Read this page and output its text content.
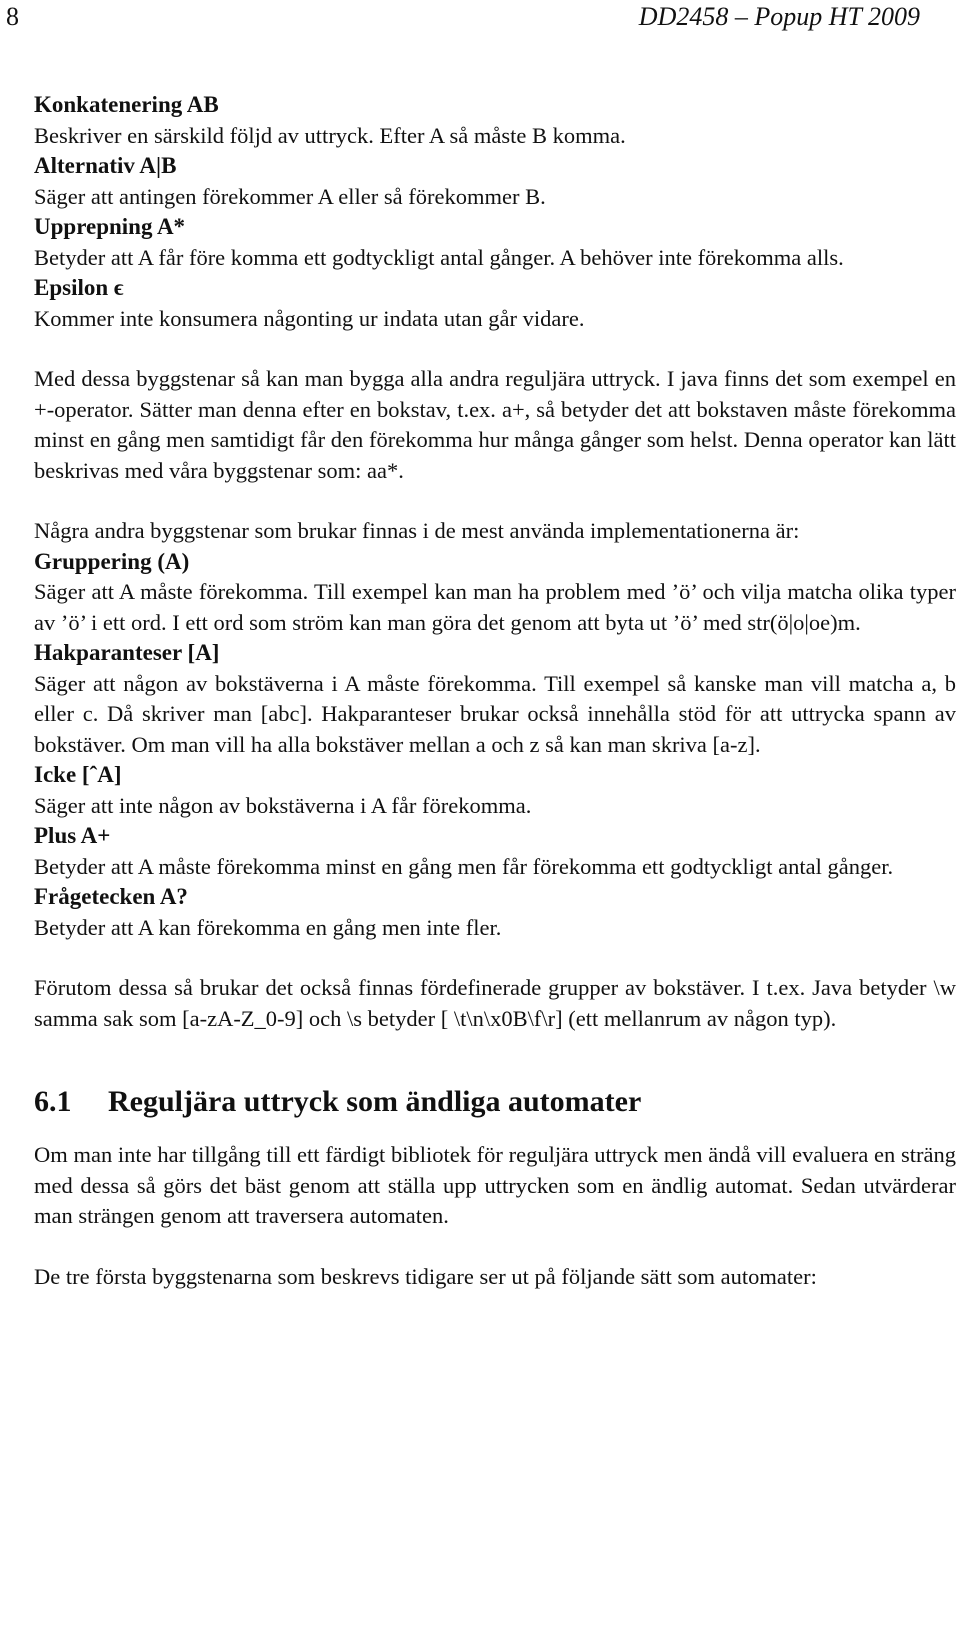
8	DD2458 – Popup HT 2009

Konkatenering AB

Beskriver en särskild följd av uttryck. Efter A så måste B komma.

Alternativ A|B

Säger att antingen förekommer A eller så förekommer B.

Upprepning A*

Betyder att A får före komma ett godtyckligt antal gånger. A behöver inte förekomma alls.

Epsilon ϵ

Kommer inte konsumera någonting ur indata utan går vidare.

Med dessa byggstenar så kan man bygga alla andra reguljära uttryck. I java finns det som exempel en +-operator. Sätter man denna efter en bokstav, t.ex. a+, så betyder det att bokstaven måste förekomma minst en gång men samtidigt får den förekomma hur många gånger som helst. Denna operator kan lätt beskrivas med våra byggstenar som: aa*.

Några andra byggstenar som brukar finnas i de mest använda implementationerna är:

Gruppering (A)

Säger att A måste förekomma. Till exempel kan man ha problem med ’ö’ och vilja matcha olika typer av ’ö’ i ett ord. I ett ord som ström kan man göra det genom att byta ut ’ö’ med str(ö|o|oe)m.

Hakparanteser [A]

Säger att någon av bokstäverna i A måste förekomma. Till exempel så kanske man vill matcha a, b eller c. Då skriver man [abc]. Hakparanteser brukar också innehålla stöd för att uttrycka spann av bokstäver. Om man vill ha alla bokstäver mellan a och z så kan man skriva [a-z].

Icke [ˆA]

Säger att inte någon av bokstäverna i A får förekomma.

Plus A+

Betyder att A måste förekomma minst en gång men får förekomma ett godtyckligt antal gånger.

Frågetecken A?

Betyder att A kan förekomma en gång men inte fler.

Förutom dessa så brukar det också finnas fördefinerade grupper av bokstäver. I t.ex. Java betyder \w samma sak som [a-zA-Z_0-9] och \s betyder [ \t\n\x0B\f\r] (ett mellanrum av någon typ).

6.1 Reguljära uttryck som ändliga automater

Om man inte har tillgång till ett färdigt bibliotek för reguljära uttryck men ändå vill evaluera en sträng med dessa så görs det bäst genom att ställa upp uttrycken som en ändlig automat. Sedan utvärderar man strängen genom att traversera automaten.

De tre första byggstenarna som beskrevs tidigare ser ut på följande sätt som automater:
